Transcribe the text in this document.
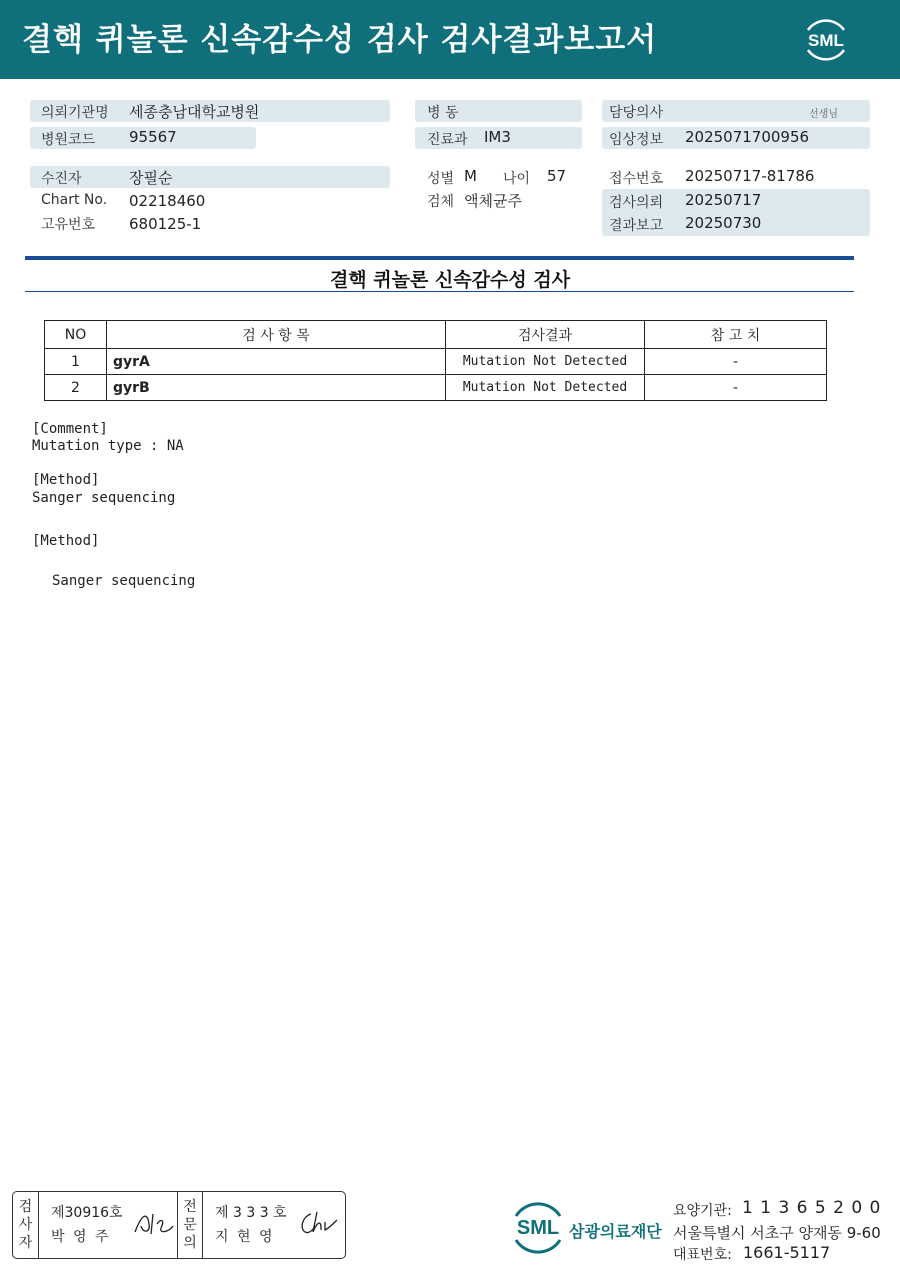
결핵 퀴놀론 신속감수성 검사 검사결과보고서	SML
의뢰기관명 세종충남대학교병원
병원코드 95567
수진자	장필순
Chart No. 02218460
고유번호 680125-1
병 동
진료과 IM3
성별 M 나이 57
검체 액체균주
담당의사	선생님
임상정보 2025071700956
접수번호 20250717-81786
검사의뢰 20250717
결과보고 20250730
결핵 퀴놀론 신속감수성 검사
NO	검 사 항 목	검사결과	참 고 치
1	gyrA	Mutation Not Detected	-
2	gyrB	Mutation Not Detected	-
[Comment]
Mutation type : NA
[Method]
Sanger sequencing
[Method]
Sanger sequencing
검
사
자
제30916호
박 영 주
전
문
의
제 3 3 3 호
지 현 영	SML 삼광의료재단
요양기관: 1 1 3 6 5 2 0 0
서울특별시 서초구 양재동 9-60
대표번호: 1661-5117
